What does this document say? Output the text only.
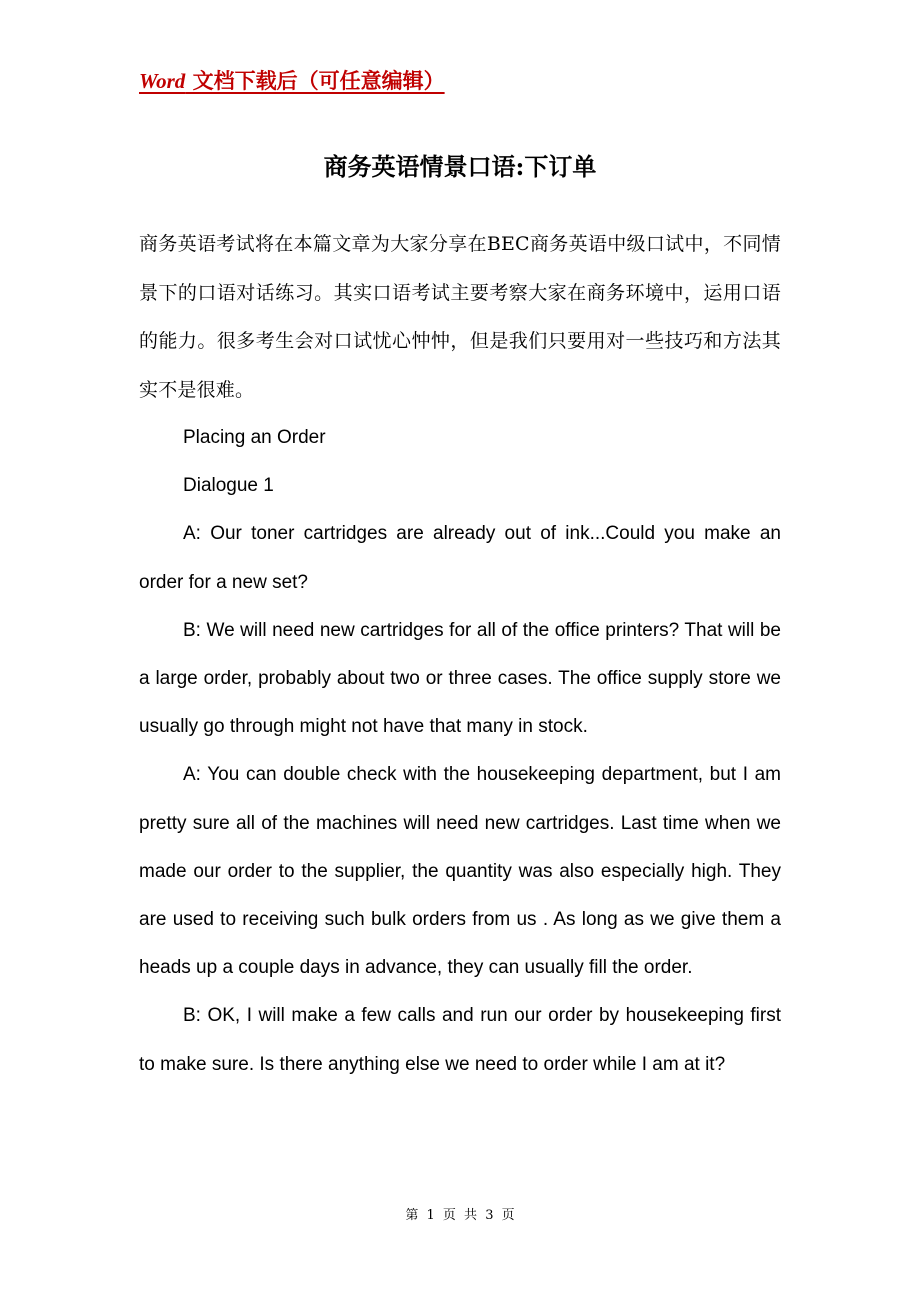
Word 文档下载后（可任意编辑）
商务英语情景口语:下订单

商务英语考试将在本篇文章为大家分享在BEC商务英语中级口试中，不同情景下的口语对话练习。其实口语考试主要考察大家在商务环境中，运用口语的能力。很多考生会对口试忧心忡忡，但是我们只要用对一些技巧和方法其实不是很难。

Placing an Order

Dialogue 1

A: Our toner cartridges are already out of ink...Could you make an order for a new set?

B: We will need new cartridges for all of the office printers? That will be a large order, probably about two or three cases. The office supply store we usually go through might not have that many in stock.

A: You can double check with the housekeeping department, but I am pretty sure all of the machines will need new cartridges. Last time when we made our order to the supplier, the quantity was also especially high. They are used to receiving such bulk orders from us . As long as we give them a heads up a couple days in advance, they can usually fill the order.

B: OK, I will make a few calls and run our order by housekeeping first to make sure. Is there anything else we need to order while I am at it?

第 1 页 共 3 页
